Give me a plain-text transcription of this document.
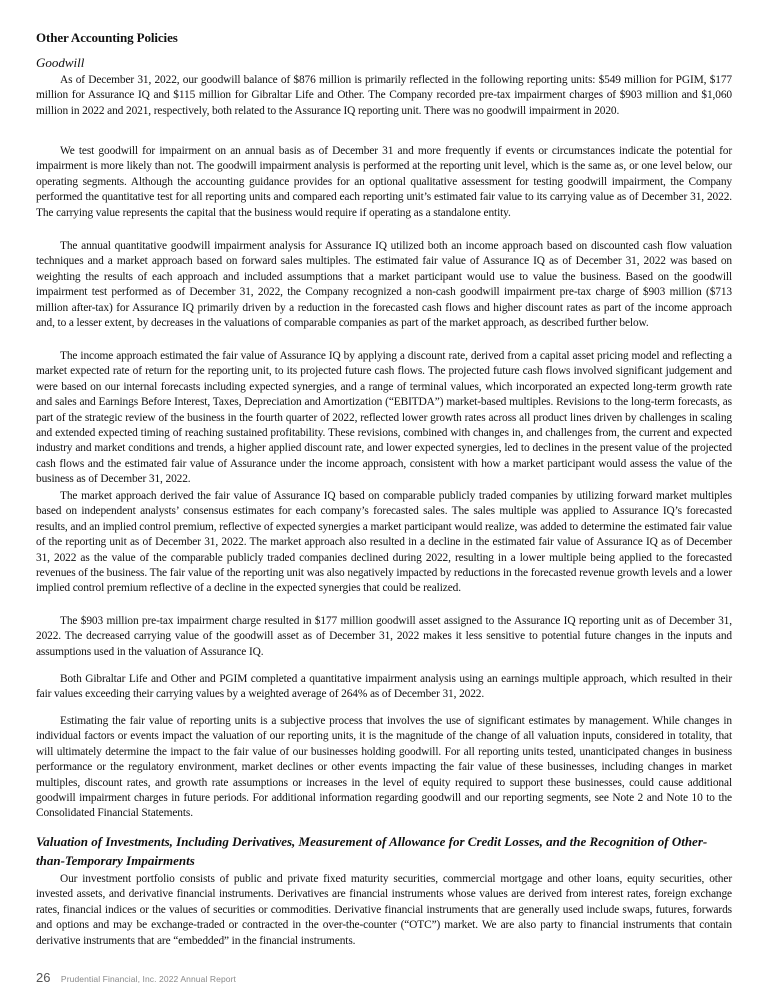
Other Accounting Policies
Goodwill

As of December 31, 2022, our goodwill balance of $876 million is primarily reflected in the following reporting units: $549 million for PGIM, $177 million for Assurance IQ and $115 million for Gibraltar Life and Other. The Company recorded pre-tax impairment charges of $903 million and $1,060 million in 2022 and 2021, respectively, both related to the Assurance IQ reporting unit. There was no goodwill impairment in 2020.

We test goodwill for impairment on an annual basis as of December 31 and more frequently if events or circumstances indicate the potential for impairment is more likely than not. The goodwill impairment analysis is performed at the reporting unit level, which is the same as, or one level below, our operating segments. Although the accounting guidance provides for an optional qualitative assessment for testing goodwill impairment, the Company performed the quantitative test for all reporting units and compared each reporting unit’s estimated fair value to its carrying value as of December 31, 2022. The carrying value represents the capital that the business would require if operating as a standalone entity.

The annual quantitative goodwill impairment analysis for Assurance IQ utilized both an income approach based on discounted cash flow valuation techniques and a market approach based on forward sales multiples. The estimated fair value of Assurance IQ as of December 31, 2022 was based on weighting the results of each approach and included assumptions that a market participant would use to value the business. Based on the goodwill impairment test performed as of December 31, 2022, the Company recognized a non-cash goodwill impairment pre-tax charge of $903 million ($713 million after-tax) for Assurance IQ primarily driven by a reduction in the forecasted cash flows and higher discount rates as part of the income approach and, to a lesser extent, by decreases in the valuations of comparable companies as part of the market approach, as described further below.

The income approach estimated the fair value of Assurance IQ by applying a discount rate, derived from a capital asset pricing model and reflecting a market expected rate of return for the reporting unit, to its projected future cash flows. The projected future cash flows involved significant judgement and were based on our internal forecasts including expected synergies, and a range of terminal values, which incorporated an expected long-term growth rate and sales and Earnings Before Interest, Taxes, Depreciation and Amortization (“EBITDA”) market-based multiples. Revisions to the long-term forecasts, as part of the strategic review of the business in the fourth quarter of 2022, reflected lower growth rates across all product lines driven by challenges in scaling and extended expected timing of reaching sustained profitability. These revisions, combined with changes in, and challenges from, the current and expected industry and market conditions and trends, a higher applied discount rate, and lower expected synergies, led to declines in the present value of the projected cash flows and the estimated fair value of Assurance under the income approach, consistent with how a market participant would assess the value of the business as of December 31, 2022.

The market approach derived the fair value of Assurance IQ based on comparable publicly traded companies by utilizing forward market multiples based on independent analysts’ consensus estimates for each company’s forecasted sales. The sales multiple was applied to Assurance IQ’s forecasted results, and an implied control premium, reflective of expected synergies a market participant would realize, was added to determine the estimated fair value of the reporting unit as of December 31, 2022. The market approach also resulted in a decline in the estimated fair value of Assurance IQ as of December 31, 2022 as the value of the comparable publicly traded companies declined during 2022, resulting in a lower multiple being applied to the forecasted revenues of the business. The fair value of the reporting unit was also negatively impacted by reductions in the forecasted revenue growth levels and a lower implied control premium reflective of a decline in the expected synergies that could be realized.

The $903 million pre-tax impairment charge resulted in $177 million goodwill asset assigned to the Assurance IQ reporting unit as of December 31, 2022. The decreased carrying value of the goodwill asset as of December 31, 2022 makes it less sensitive to potential future changes in the inputs and assumptions used in the valuation of Assurance IQ.

Both Gibraltar Life and Other and PGIM completed a quantitative impairment analysis using an earnings multiple approach, which resulted in their fair values exceeding their carrying values by a weighted average of 264% as of December 31, 2022.

Estimating the fair value of reporting units is a subjective process that involves the use of significant estimates by management. While changes in individual factors or events impact the valuation of our reporting units, it is the magnitude of the change of all valuation inputs, considered in totality, that will ultimately determine the impact to the fair value of our businesses holding goodwill. For all reporting units tested, unanticipated changes in business performance or the regulatory environment, market declines or other events impacting the fair value of these businesses, including changes in market multiples, discount rates, and growth rate assumptions or increases in the level of equity required to support these businesses, could cause additional goodwill impairment charges in future periods. For additional information regarding goodwill and our reporting segments, see Note 2 and Note 10 to the Consolidated Financial Statements.

Valuation of Investments, Including Derivatives, Measurement of Allowance for Credit Losses, and the Recognition of Other-than-Temporary Impairments

Our investment portfolio consists of public and private fixed maturity securities, commercial mortgage and other loans, equity securities, other invested assets, and derivative financial instruments. Derivatives are financial instruments whose values are derived from interest rates, foreign exchange rates, financial indices or the values of securities or commodities. Derivative financial instruments that are generally used include swaps, futures, forwards and options and may be exchange-traded or contracted in the over-the-counter (“OTC”) market. We are also party to financial instruments that contain derivative instruments that are “embedded” in the financial instruments.

26 Prudential Financial, Inc. 2022 Annual Report
